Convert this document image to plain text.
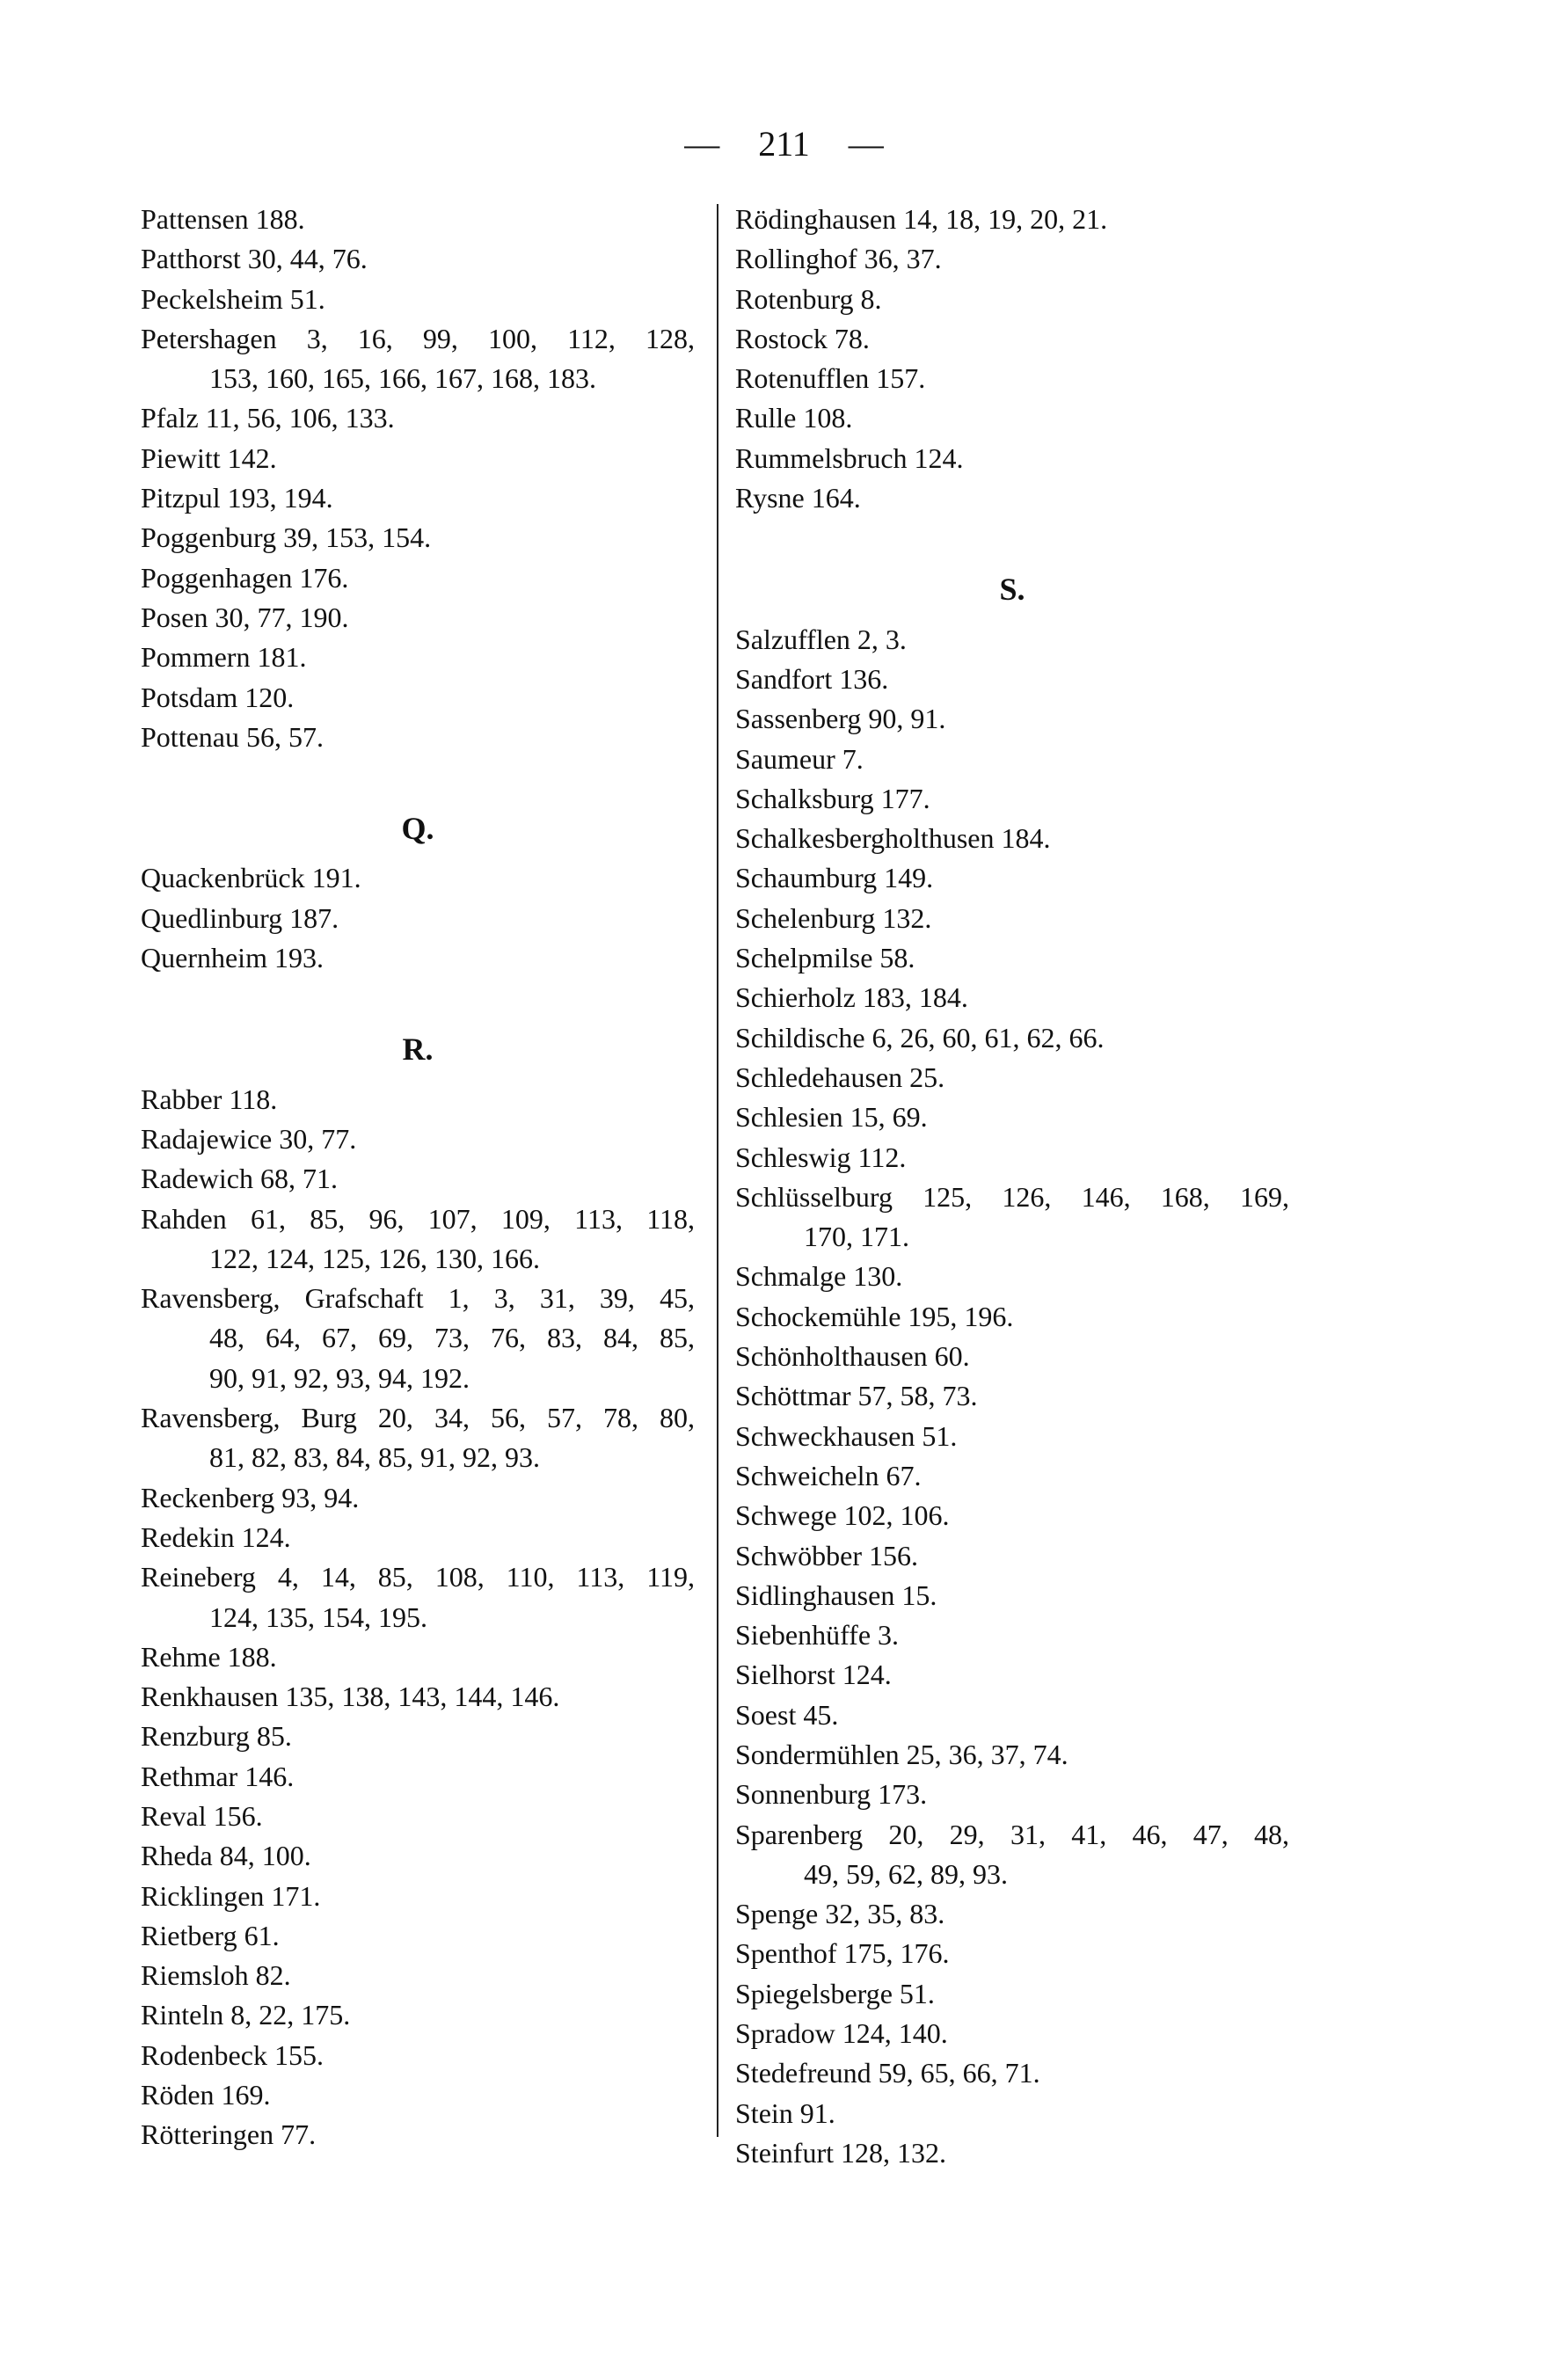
— 211 —
Pattensen 188.
Patthorst 30, 44, 76.
Peckelsheim 51.
Petershagen 3, 16, 99, 100, 112, 128,
153, 160, 165, 166, 167, 168, 183.
Pfalz 11, 56, 106, 133.
Piewitt 142.
Pitzpul 193, 194.
Poggenburg 39, 153, 154.
Poggenhagen 176.
Posen 30, 77, 190.
Pommern 181.
Potsdam 120.
Pottenau 56, 57.
Q.
Quackenbrück 191.
Quedlinburg 187.
Quernheim 193.
R.
Rabber 118.
Radajewice 30, 77.
Radewich 68, 71.
Rahden 61, 85, 96, 107, 109, 113, 118,
122, 124, 125, 126, 130, 166.
Ravensberg, Grafschaft 1, 3, 31, 39, 45,
48, 64, 67, 69, 73, 76, 83, 84, 85,
90, 91, 92, 93, 94, 192.
Ravensberg, Burg 20, 34, 56, 57, 78, 80,
81, 82, 83, 84, 85, 91, 92, 93.
Reckenberg 93, 94.
Redekin 124.
Reineberg 4, 14, 85, 108, 110, 113, 119,
124, 135, 154, 195.
Rehme 188.
Renkhausen 135, 138, 143, 144, 146.
Renzburg 85.
Rethmar 146.
Reval 156.
Rheda 84, 100.
Ricklingen 171.
Rietberg 61.
Riemsloh 82.
Rinteln 8, 22, 175.
Rodenbeck 155.
Röden 169.
Rötteringen 77.
Rödinghausen 14, 18, 19, 20, 21.
Rollinghof 36, 37.
Rotenburg 8.
Rostock 78.
Rotenufflen 157.
Rulle 108.
Rummelsbruch 124.
Rysne 164.
S.
Salzufflen 2, 3.
Sandfort 136.
Sassenberg 90, 91.
Saumeur 7.
Schalksburg 177.
Schalkesbergholthusen 184.
Schaumburg 149.
Schelenburg 132.
Schelpmilse 58.
Schierholz 183, 184.
Schildische 6, 26, 60, 61, 62, 66.
Schledehausen 25.
Schlesien 15, 69.
Schleswig 112.
Schlüsselburg 125, 126, 146, 168, 169,
170, 171.
Schmalge 130.
Schockemühle 195, 196.
Schönholthausen 60.
Schöttmar 57, 58, 73.
Schweckhausen 51.
Schweicheln 67.
Schwege 102, 106.
Schwöbber 156.
Sidlinghausen 15.
Siebenhüffe 3.
Sielhorst 124.
Soest 45.
Sondermühlen 25, 36, 37, 74.
Sonnenburg 173.
Sparenberg 20, 29, 31, 41, 46, 47, 48,
49, 59, 62, 89, 93.
Spenge 32, 35, 83.
Spenthof 175, 176.
Spiegelsberge 51.
Spradow 124, 140.
Stedefreund 59, 65, 66, 71.
Stein 91.
Steinfurt 128, 132.
